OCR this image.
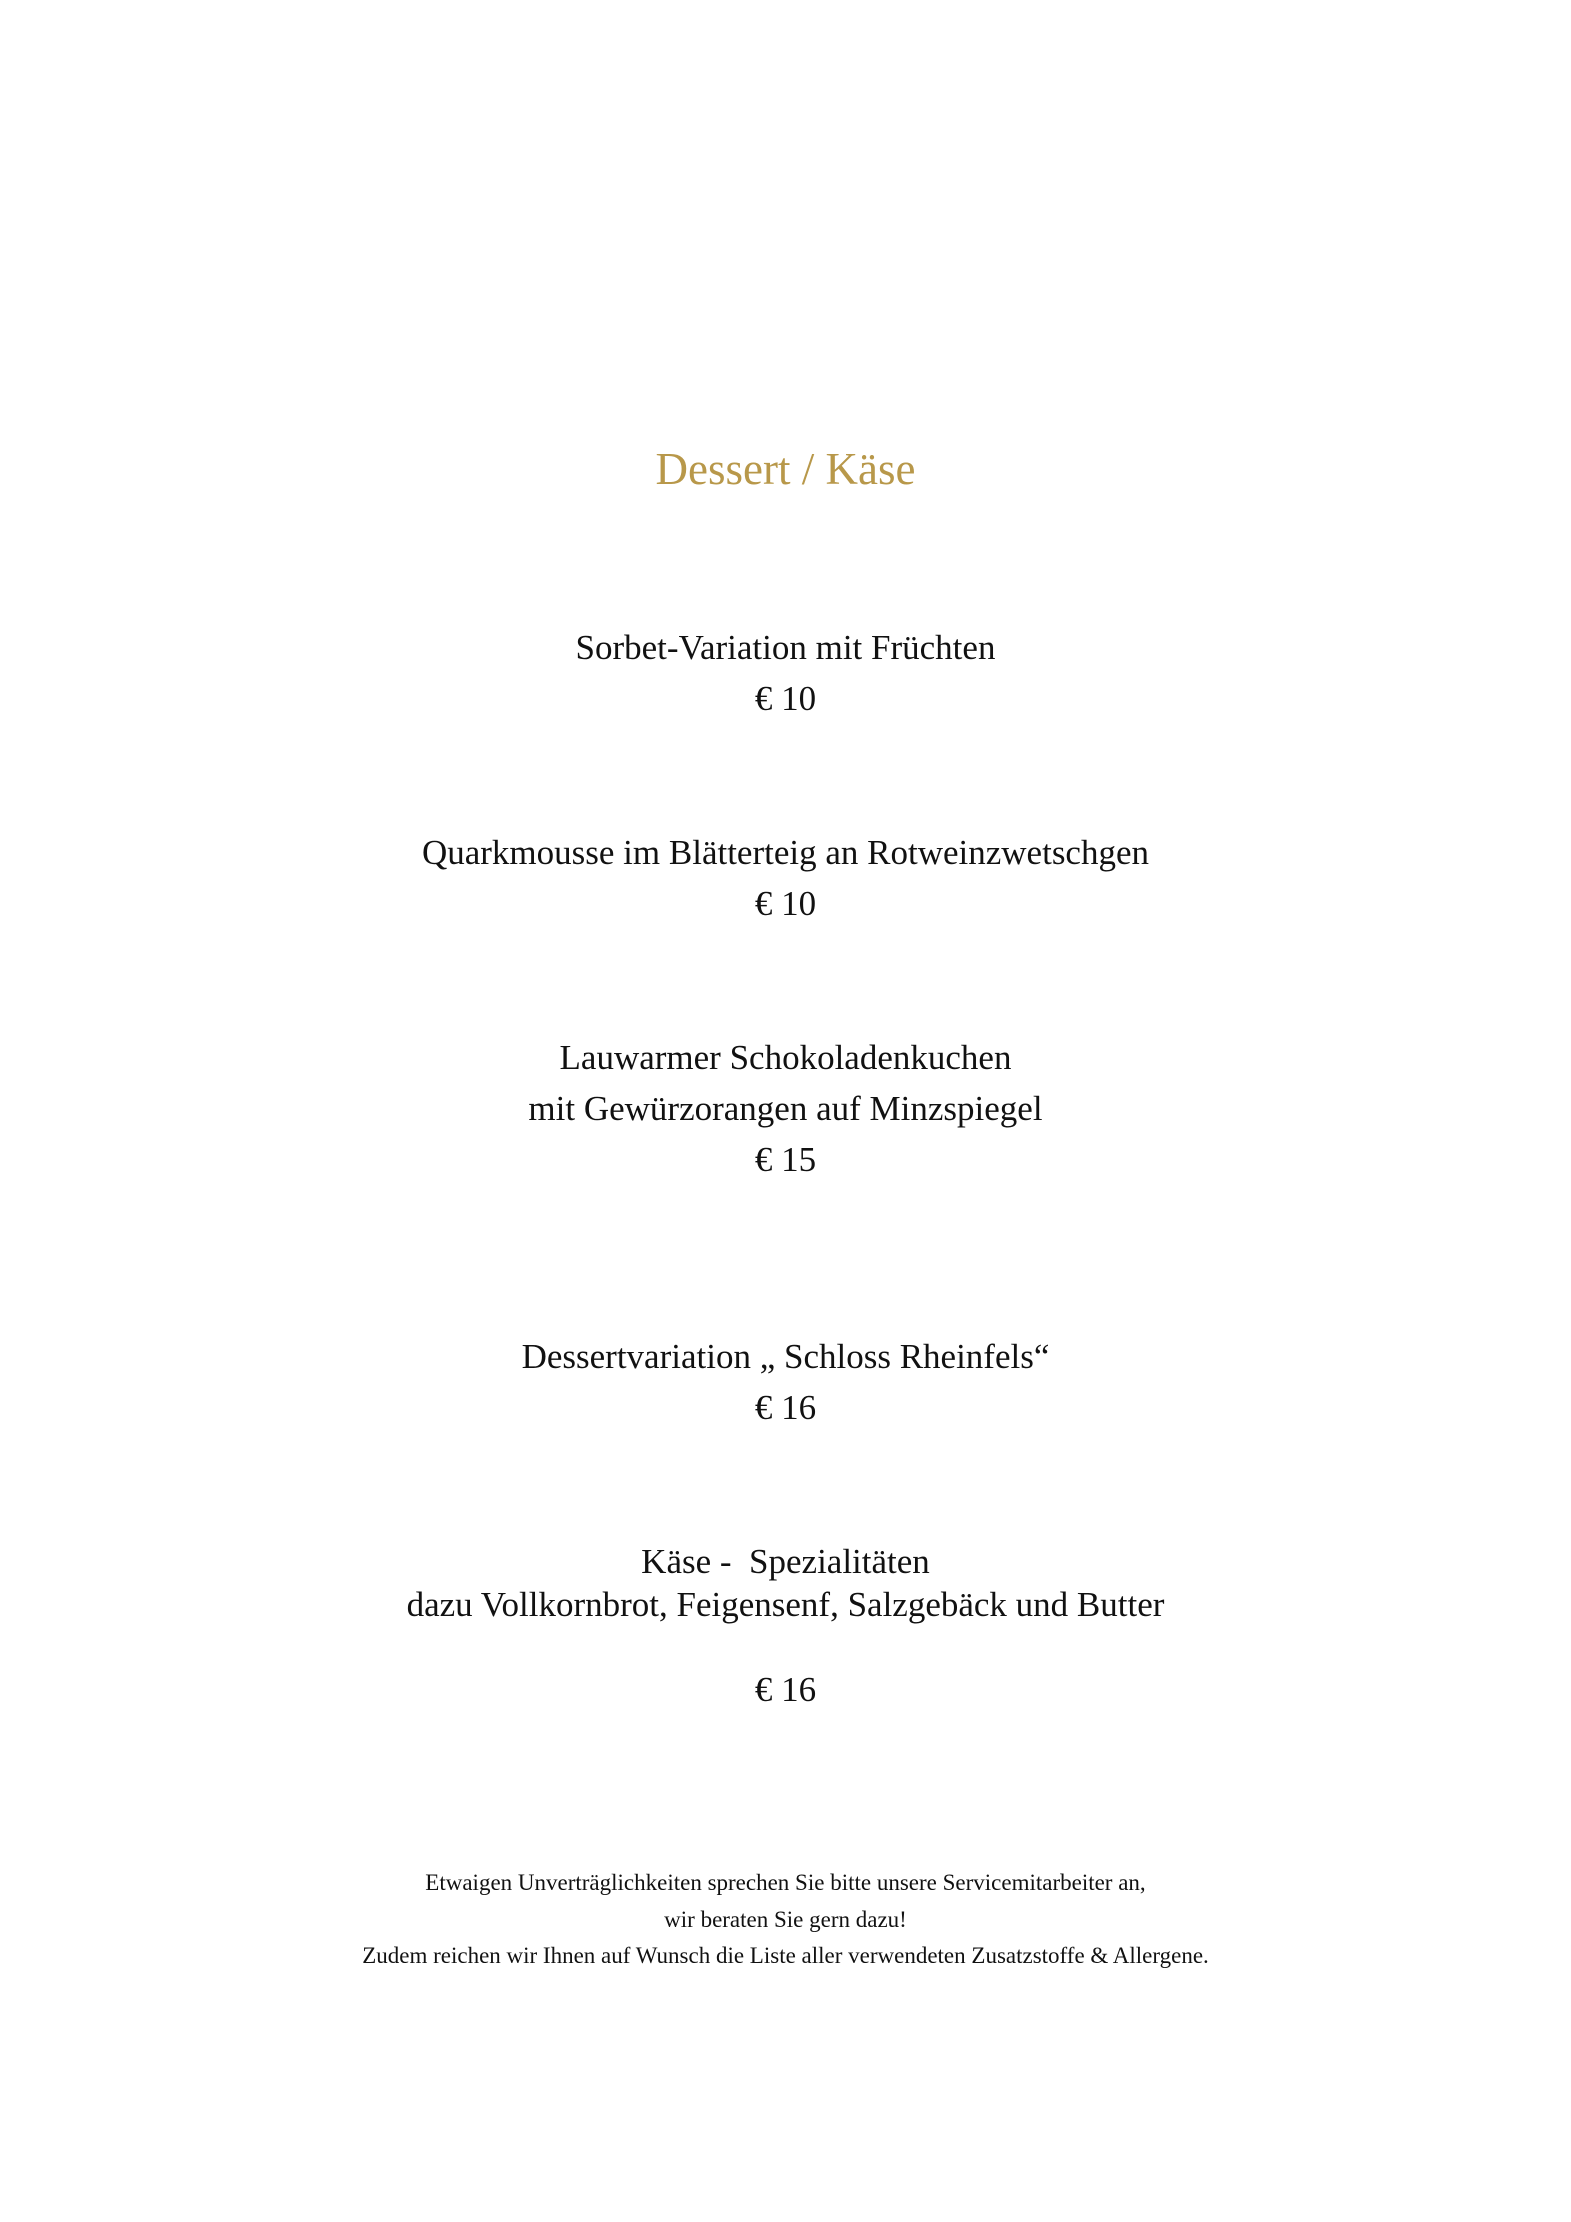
Dessert / Käse
Sorbet-Variation mit Früchten
€ 10
Quarkmousse im Blätterteig an Rotweinzwetschgen
€ 10
Lauwarmer Schokoladenkuchen
mit Gewürzorangen auf Minzspiegel
€ 15
Dessertvariation „ Schloss Rheinfels“
€ 16
Käse -  Spezialitäten
dazu Vollkornbrot, Feigensenf, Salzgebäck und Butter
€ 16
Etwaigen Unverträglichkeiten sprechen Sie bitte unsere Servicemitarbeiter an,
wir beraten Sie gern dazu!
Zudem reichen wir Ihnen auf Wunsch die Liste aller verwendeten Zusatzstoffe & Allergene.
